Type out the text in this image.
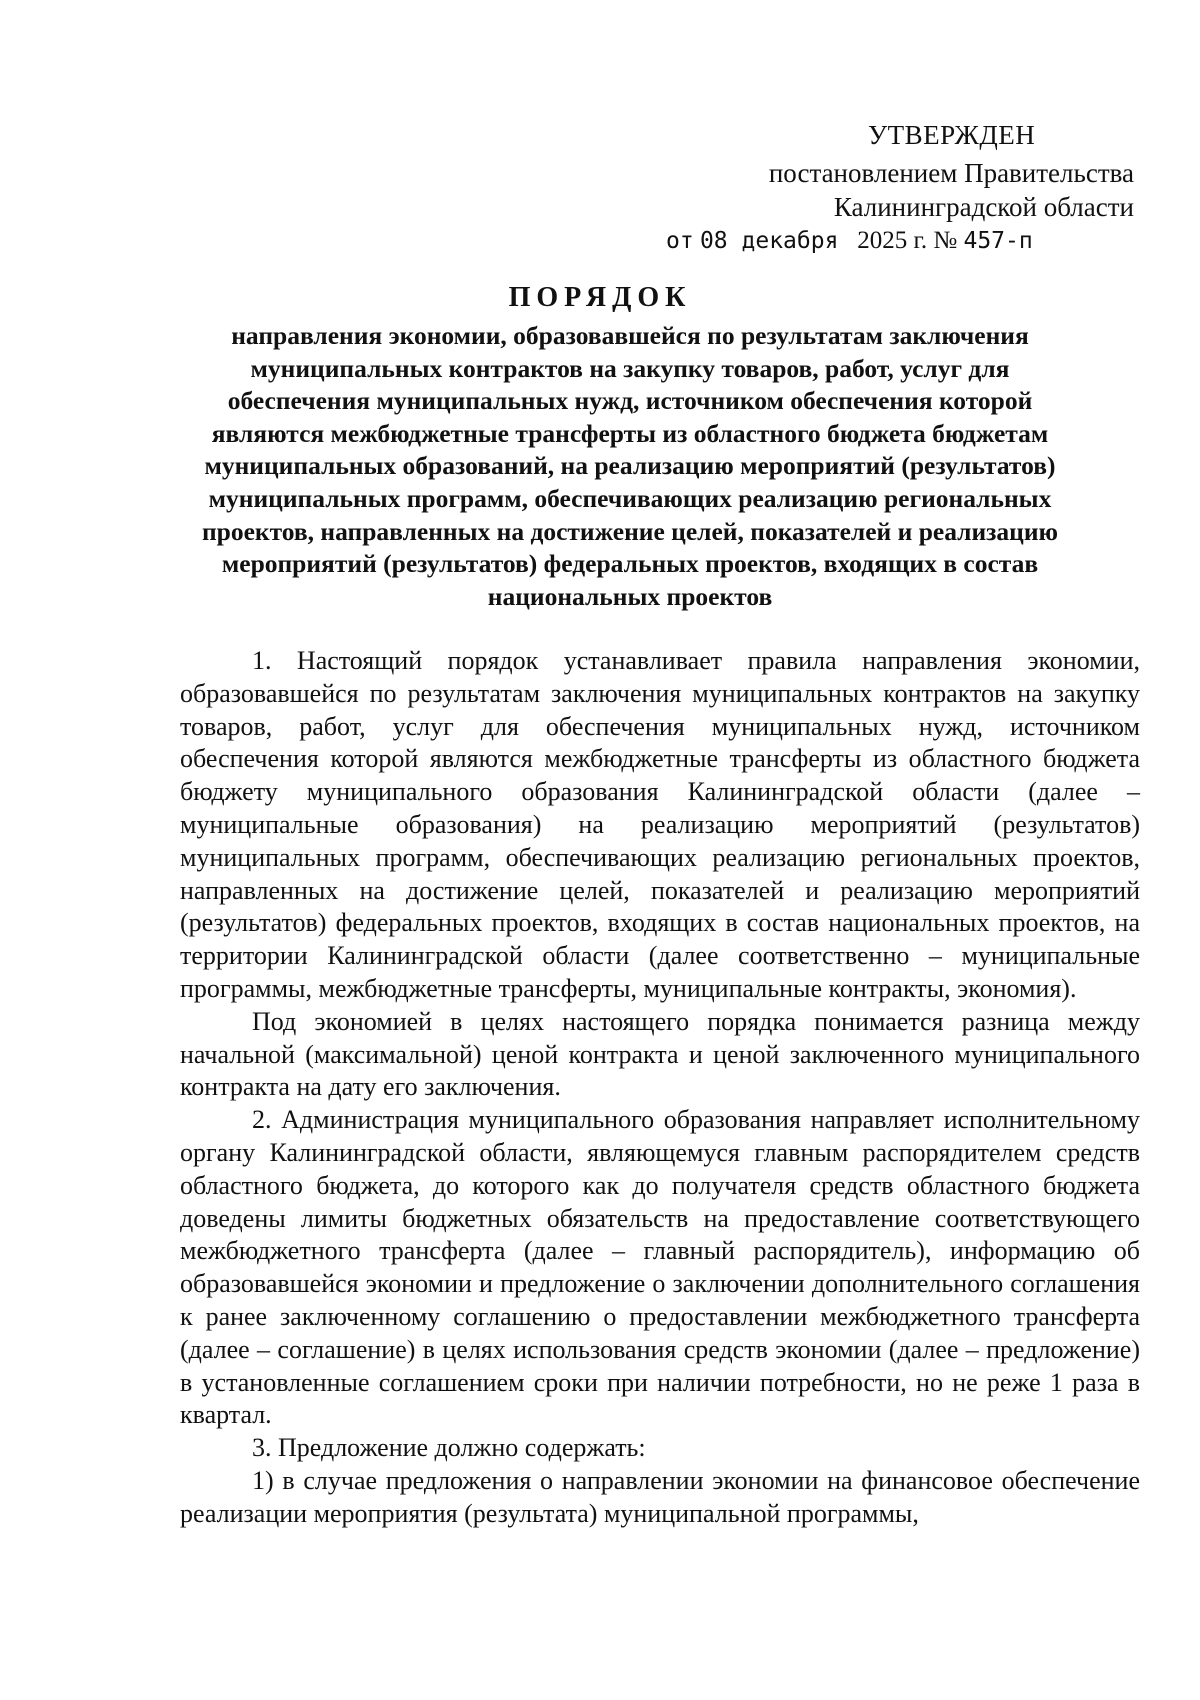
УТВЕРЖДЕН
постановлением Правительства
Калининградской области
от 08 декабря 2025 г. № 457-п
ПОРЯДОК
направления экономии, образовавшейся по результатам заключения муниципальных контрактов на закупку товаров, работ, услуг для обеспечения муниципальных нужд, источником обеспечения которой являются межбюджетные трансферты из областного бюджета бюджетам муниципальных образований, на реализацию мероприятий (результатов) муниципальных программ, обеспечивающих реализацию региональных проектов, направленных на достижение целей, показателей и реализацию мероприятий (результатов) федеральных проектов, входящих в состав национальных проектов

1. Настоящий порядок устанавливает правила направления экономии, образовавшейся по результатам заключения муниципальных контрактов на закупку товаров, работ, услуг для обеспечения муниципальных нужд, источником обеспечения которой являются межбюджетные трансферты из областного бюджета бюджету муниципального образования Калининградской области (далее – муниципальные образования) на реализацию мероприятий (результатов) муниципальных программ, обеспечивающих реализацию региональных проектов, направленных на достижение целей, показателей и реализацию мероприятий (результатов) федеральных проектов, входящих в состав национальных проектов, на территории Калининградской области (далее соответственно – муниципальные программы, межбюджетные трансферты, муниципальные контракты, экономия).

Под экономией в целях настоящего порядка понимается разница между начальной (максимальной) ценой контракта и ценой заключенного муниципального контракта на дату его заключения.

2. Администрация муниципального образования направляет исполнительному органу Калининградской области, являющемуся главным распорядителем средств областного бюджета, до которого как до получателя средств областного бюджета доведены лимиты бюджетных обязательств на предоставление соответствующего межбюджетного трансферта (далее – главный распорядитель), информацию об образовавшейся экономии и предложение о заключении дополнительного соглашения к ранее заключенному соглашению о предоставлении межбюджетного трансферта (далее – соглашение) в целях использования средств экономии (далее – предложение) в установленные соглашением сроки при наличии потребности, но не реже 1 раза в квартал.

3. Предложение должно содержать:

1) в случае предложения о направлении экономии на финансовое обеспечение реализации мероприятия (результата) муниципальной программы,
